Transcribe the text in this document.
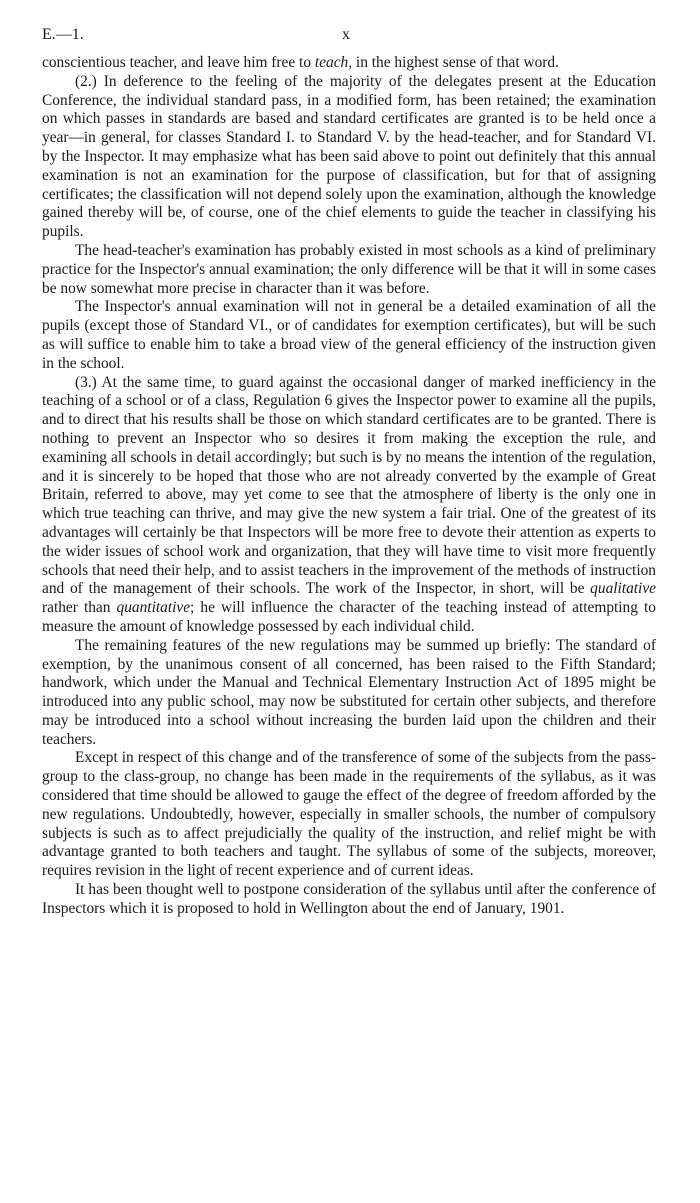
E.—1.	x

conscientious teacher, and leave him free to teach, in the highest sense of that word.

(2.) In deference to the feeling of the majority of the delegates present at the Education Conference, the individual standard pass, in a modified form, has been retained; the examination on which passes in standards are based and standard certificates are granted is to be held once a year—in general, for classes Standard I. to Standard V. by the head-teacher, and for Standard VI. by the Inspector. It may emphasize what has been said above to point out definitely that this annual examination is not an examination for the purpose of classification, but for that of assigning certificates; the classification will not depend solely upon the examination, although the knowledge gained thereby will be, of course, one of the chief elements to guide the teacher in classifying his pupils.

The head-teacher's examination has probably existed in most schools as a kind of preliminary practice for the Inspector's annual examination; the only difference will be that it will in some cases be now somewhat more precise in character than it was before.

The Inspector's annual examination will not in general be a detailed examination of all the pupils (except those of Standard VI., or of candidates for exemption certificates), but will be such as will suffice to enable him to take a broad view of the general efficiency of the instruction given in the school.

(3.) At the same time, to guard against the occasional danger of marked inefficiency in the teaching of a school or of a class, Regulation 6 gives the Inspector power to examine all the pupils, and to direct that his results shall be those on which standard certificates are to be granted. There is nothing to prevent an Inspector who so desires it from making the exception the rule, and examining all schools in detail accordingly; but such is by no means the intention of the regulation, and it is sincerely to be hoped that those who are not already converted by the example of Great Britain, referred to above, may yet come to see that the atmosphere of liberty is the only one in which true teaching can thrive, and may give the new system a fair trial. One of the greatest of its advantages will certainly be that Inspectors will be more free to devote their attention as experts to the wider issues of school work and organization, that they will have time to visit more frequently schools that need their help, and to assist teachers in the improvement of the methods of instruction and of the management of their schools. The work of the Inspector, in short, will be qualitative rather than quantitative; he will influence the character of the teaching instead of attempting to measure the amount of knowledge possessed by each individual child.

The remaining features of the new regulations may be summed up briefly: The standard of exemption, by the unanimous consent of all concerned, has been raised to the Fifth Standard; handwork, which under the Manual and Technical Elementary Instruction Act of 1895 might be introduced into any public school, may now be substituted for certain other subjects, and therefore may be introduced into a school without increasing the burden laid upon the children and their teachers.

Except in respect of this change and of the transference of some of the subjects from the pass-group to the class-group, no change has been made in the requirements of the syllabus, as it was considered that time should be allowed to gauge the effect of the degree of freedom afforded by the new regulations. Undoubtedly, however, especially in smaller schools, the number of compulsory subjects is such as to affect prejudicially the quality of the instruction, and relief might be with advantage granted to both teachers and taught. The syllabus of some of the subjects, moreover, requires revision in the light of recent experience and of current ideas.

It has been thought well to postpone consideration of the syllabus until after the conference of Inspectors which it is proposed to hold in Wellington about the end of January, 1901.
